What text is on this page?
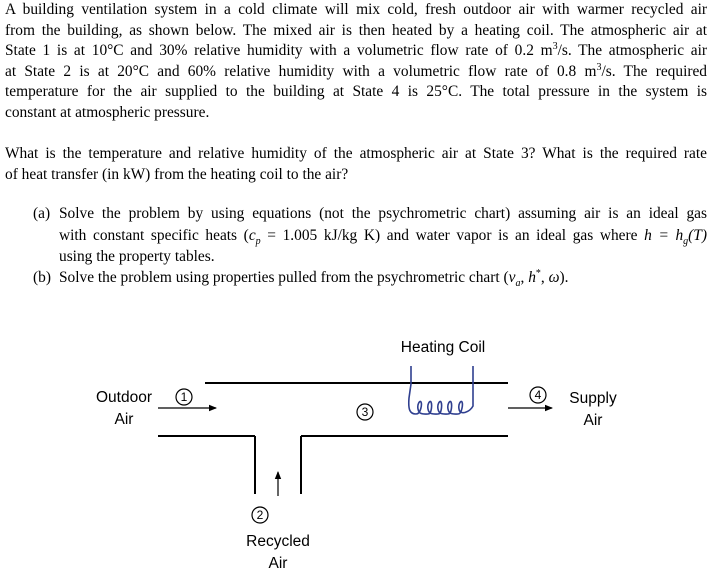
A building ventilation system in a cold climate will mix cold, fresh outdoor air with warmer recycled air
from the building, as shown below. The mixed air is then heated by a heating coil. The atmospheric air at
State 1 is at 10°C and 30% relative humidity with a volumetric flow rate of 0.2 $m^3/s$. The atmospheric air
at State 2 is at 20°C and 60% relative humidity with a volumetric flow rate of 0.8 $m^3/s$. The required
temperature for the air supplied to the building at State 4 is 25°C. The total pressure in the system is
constant at atmospheric pressure.
What is the temperature and relative humidity of the atmospheric air at State 3? What is the required rate
of heat transfer (in kW) from the heating coil to the air?
(a) Solve the problem by using equations (not the psychrometric chart) assuming air is an ideal gas
with constant specific heats ($c_p = 1.005$ kJ/kg K) and water vapor is an ideal gas where $h = h_g(T)$
using the property tables.
(b) Solve the problem using properties pulled from the psychrometric chart ($v_a$, h*, ω).
1
2
3
4
Heating Coil
Outdoor
Air
Supply
Air
Recycled
Air
